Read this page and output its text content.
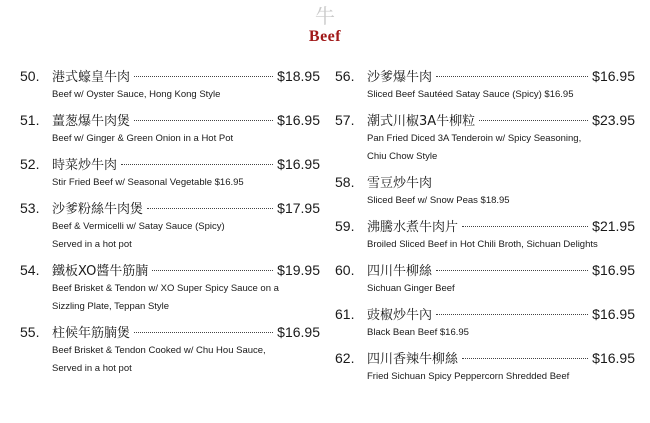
牛
Beef
50. 港式蠔皇牛肉	$18.95
Beef w/ Oyster Sauce, Hong Kong Style
51. 薑葱爆牛肉煲	$16.95
Beef w/ Ginger & Green Onion in a Hot Pot
52. 時菜炒牛肉	$16.95
Stir Fried Beef w/ Seasonal Vegetable $16.95
53. 沙爹粉絲牛肉煲	$17.95
Beef & Vermicelli w/ Satay Sauce (Spicy)
Served in a hot pot
54. 鐵板XO醬牛筋腩	$19.95
Beef Brisket & Tendon w/ XO Super Spicy Sauce on a
Sizzling Plate, Teppan Style
55. 柱候年筋腩煲	$16.95
Beef Brisket & Tendon Cooked w/ Chu Hou Sauce,
Served in a hot pot
56. 沙爹爆牛肉	$16.95
Sliced Beef Sautéed Satay Sauce (Spicy) $16.95
57. 潮式川椒3A牛柳粒	$23.95
Pan Fried Diced 3A Tenderoin w/ Spicy Seasoning,
Chiu Chow Style
58. 雪豆炒牛肉
Sliced Beef w/ Snow Peas $18.95
59. 沸騰水煮牛肉片	$21.95
Broiled Sliced Beef in Hot Chili Broth, Sichuan Delights
60. 四川牛柳絲	$16.95
Sichuan Ginger Beef
61. 豉椒炒牛內	$16.95
Black Bean Beef $16.95
62. 四川香辣牛柳絲	$16.95
Fried Sichuan Spicy Peppercorn Shredded Beef
